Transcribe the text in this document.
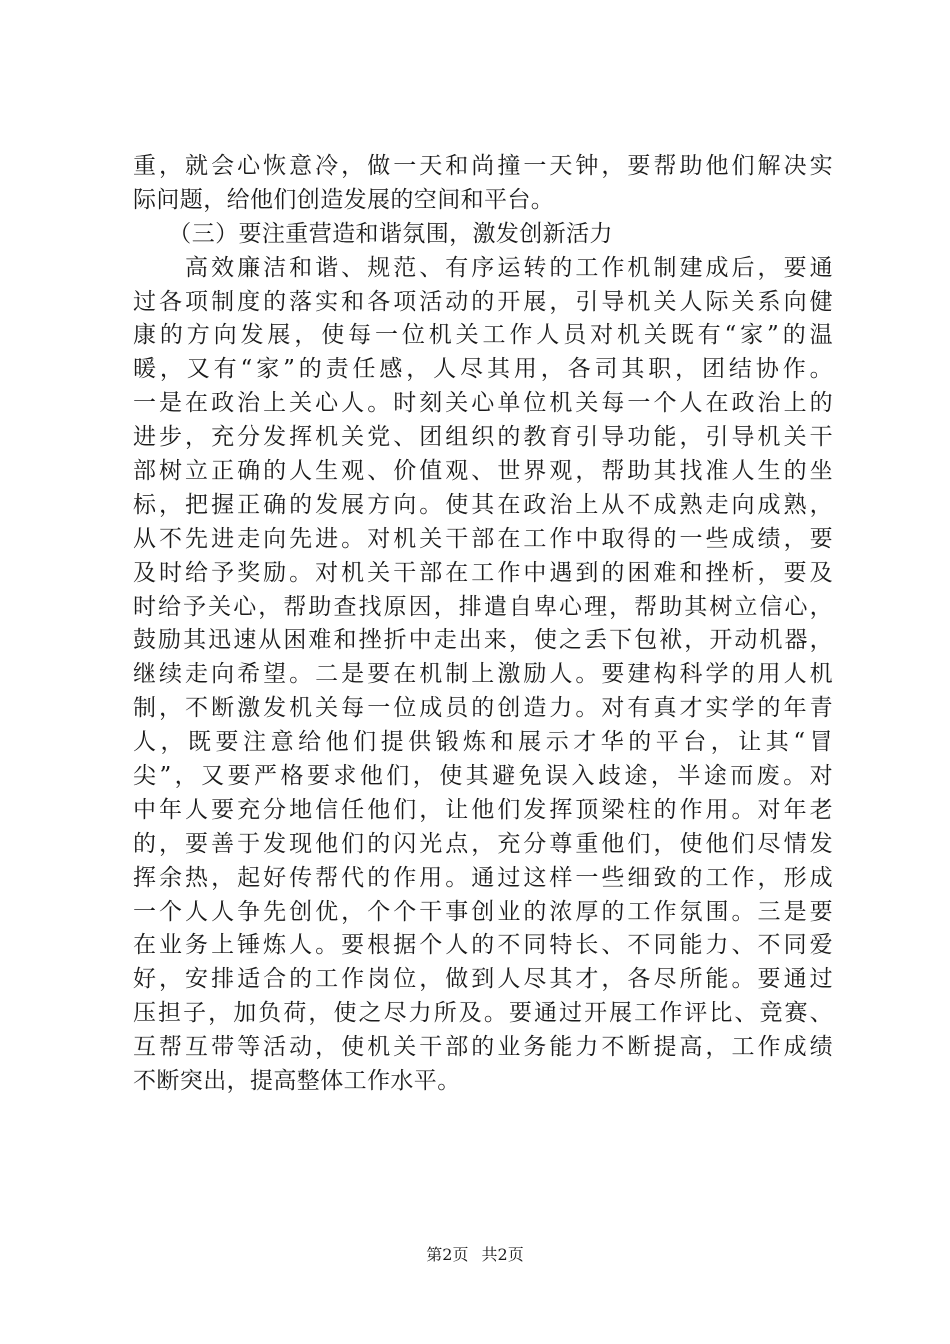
重，就会心恢意冷，做一天和尚撞一天钟，要帮助他们解决实
际问题，给他们创造发展的空间和平台。
　　（三）要注重营造和谐氛围，激发创新活力
　　高效廉洁和谐、规范、有序运转的工作机制建成后，要通
过各项制度的落实和各项活动的开展，引导机关人际关系向健
康的方向发展，使每一位机关工作人员对机关既有“家”的温
暖，又有“家”的责任感，人尽其用，各司其职，团结协作。
一是在政治上关心人。时刻关心单位机关每一个人在政治上的
进步，充分发挥机关党、团组织的教育引导功能，引导机关干
部树立正确的人生观、价值观、世界观，帮助其找准人生的坐
标，把握正确的发展方向。使其在政治上从不成熟走向成熟，
从不先进走向先进。对机关干部在工作中取得的一些成绩，要
及时给予奖励。对机关干部在工作中遇到的困难和挫析，要及
时给予关心，帮助查找原因，排遣自卑心理，帮助其树立信心，
鼓励其迅速从困难和挫折中走出来，使之丢下包袱，开动机器，
继续走向希望。二是要在机制上激励人。要建构科学的用人机
制，不断激发机关每一位成员的创造力。对有真才实学的年青
人，既要注意给他们提供锻炼和展示才华的平台，让其“冒
尖”，又要严格要求他们，使其避免误入歧途，半途而废。对
中年人要充分地信任他们，让他们发挥顶梁柱的作用。对年老
的，要善于发现他们的闪光点，充分尊重他们，使他们尽情发
挥余热，起好传帮代的作用。通过这样一些细致的工作，形成
一个人人争先创优，个个干事创业的浓厚的工作氛围。三是要
在业务上锤炼人。要根据个人的不同特长、不同能力、不同爱
好，安排适合的工作岗位，做到人尽其才，各尽所能。要通过
压担子，加负荷，使之尽力所及。要通过开展工作评比、竞赛、
互帮互带等活动，使机关干部的业务能力不断提高，工作成绩
不断突出，提高整体工作水平。
第2页 共2页
